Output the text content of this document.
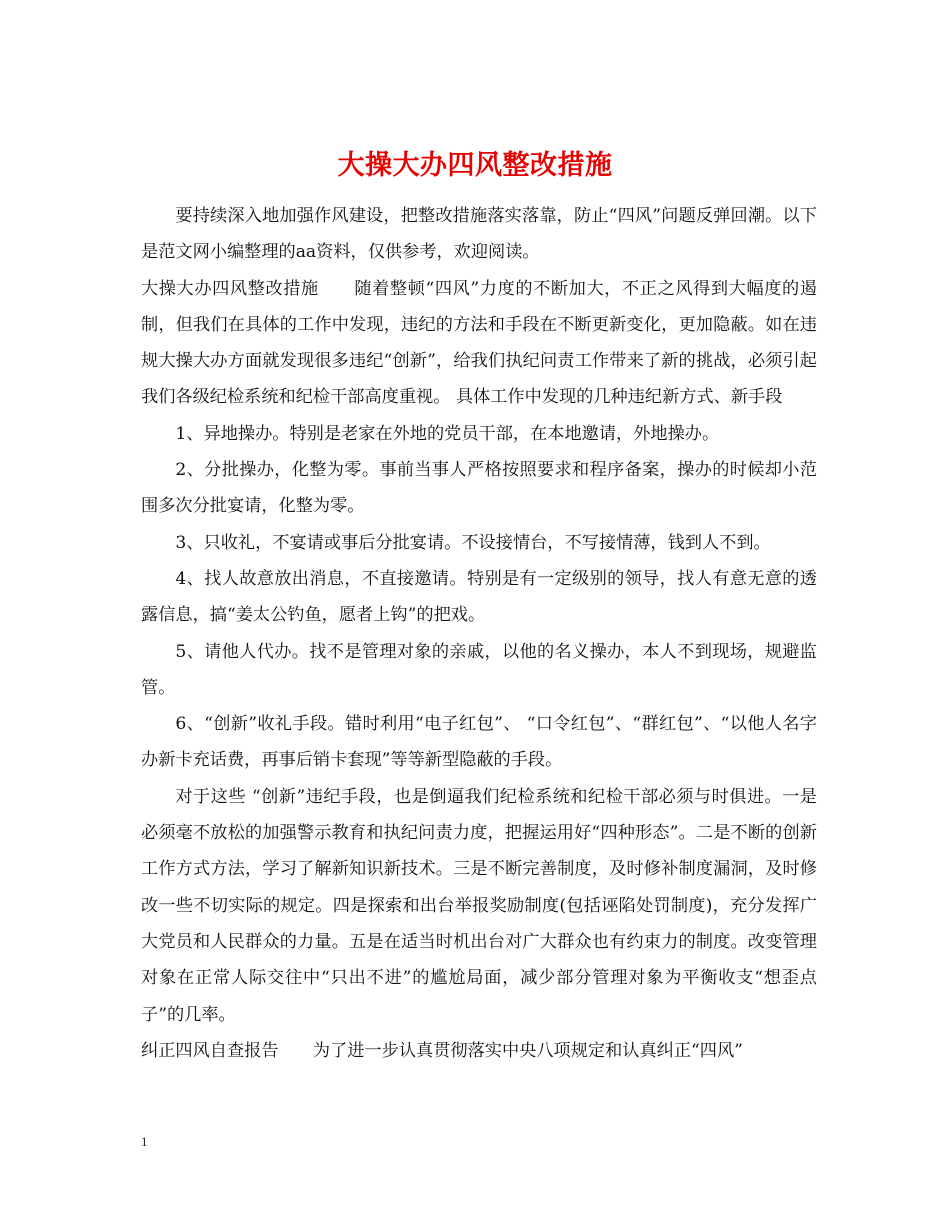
大操大办四风整改措施

要持续深入地加强作风建设，把整改措施落实落靠，防止“四风”问题反弹回潮。以下是范文网小编整理的aa资料，仅供参考，欢迎阅读。

大操大办四风整改措施　　随着整顿“四风”力度的不断加大，不正之风得到大幅度的遏制，但我们在具体的工作中发现，违纪的方法和手段在不断更新变化，更加隐蔽。如在违规大操大办方面就发现很多违纪“创新”，给我们执纪问责工作带来了新的挑战，必须引起我们各级纪检系统和纪检干部高度重视。 具体工作中发现的几种违纪新方式、新手段

1、异地操办。特别是老家在外地的党员干部，在本地邀请，外地操办。

2、分批操办，化整为零。事前当事人严格按照要求和程序备案，操办的时候却小范围多次分批宴请，化整为零。

3、只收礼，不宴请或事后分批宴请。不设接情台，不写接情薄，钱到人不到。

4、找人故意放出消息，不直接邀请。特别是有一定级别的领导，找人有意无意的透露信息，搞“姜太公钓鱼，愿者上钩”的把戏。

5、请他人代办。找不是管理对象的亲戚，以他的名义操办，本人不到现场，规避监管。

6、“创新”收礼手段。错时利用“电子红包”、 “口令红包”、“群红包”、“以他人名字办新卡充话费，再事后销卡套现”等等新型隐蔽的手段。

对于这些 “创新”违纪手段，也是倒逼我们纪检系统和纪检干部必须与时俱进。一是必须毫不放松的加强警示教育和执纪问责力度，把握运用好“四种形态”。二是不断的创新工作方式方法，学习了解新知识新技术。三是不断完善制度，及时修补制度漏洞，及时修改一些不切实际的规定。四是探索和出台举报奖励制度(包括诬陷处罚制度)，充分发挥广大党员和人民群众的力量。五是在适当时机出台对广大群众也有约束力的制度。改变管理对象在正常人际交往中“只出不进”的尴尬局面，减少部分管理对象为平衡收支“想歪点子”的几率。

纠正四风自查报告　　为了进一步认真贯彻落实中央八项规定和认真纠正“四风”

1
